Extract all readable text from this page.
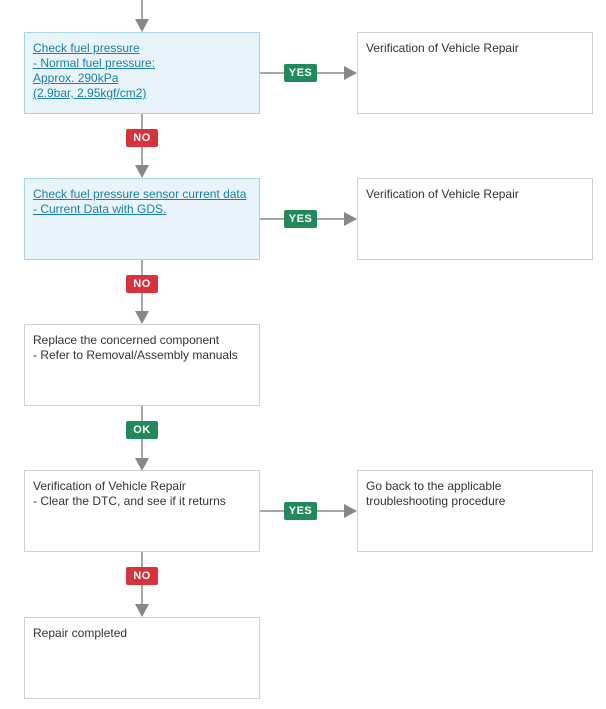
Check fuel pressure
- Normal fuel pressure:
Approx. 290kPa
(2.9bar, 2.95kgf/cm2)
Check fuel pressure sensor current data
- Current Data with GDS.
Replace the concerned component
- Refer to Removal/Assembly manuals
Verification of Vehicle Repair
- Clear the DTC, and see if it returns
Repair completed
Verification of Vehicle Repair
Verification of Vehicle Repair
Go back to the applicable
troubleshooting procedure
YES
YES
YES
NO
NO
NO
OK
